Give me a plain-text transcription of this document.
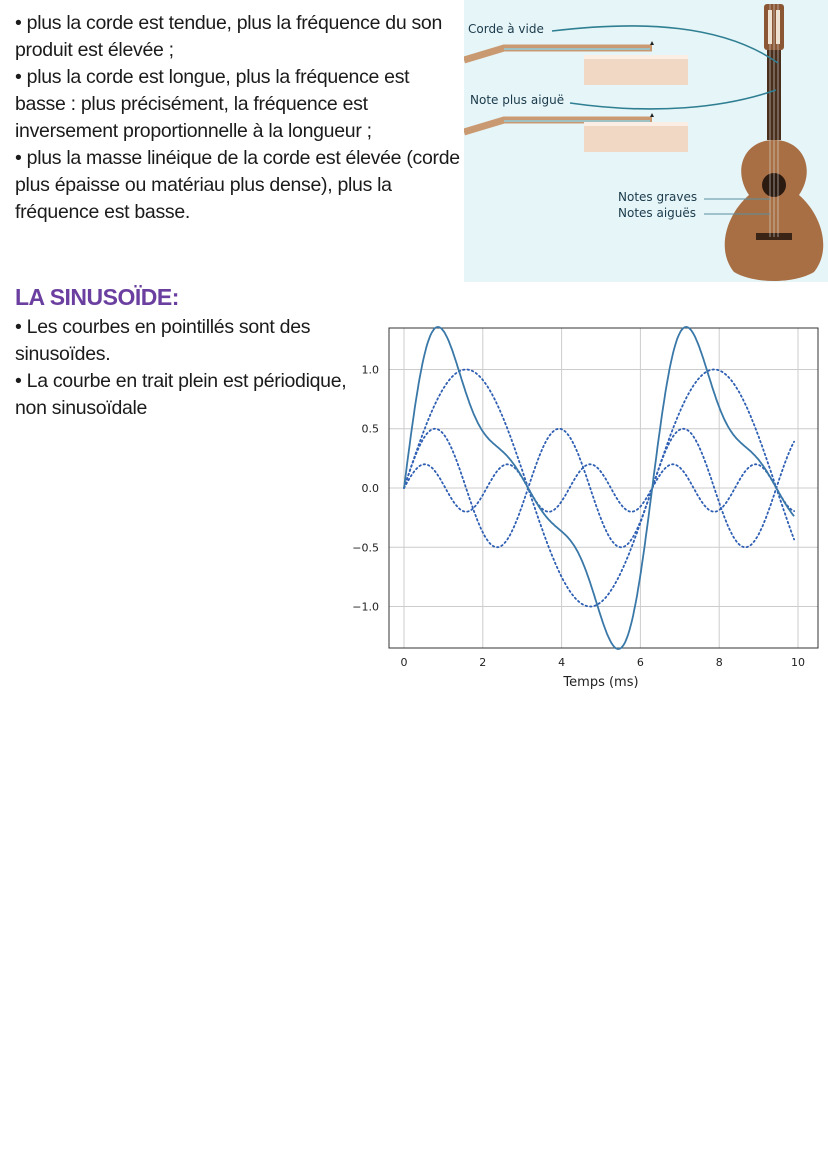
• plus la corde est tendue, plus la fréquence du son produit est élevée ;

• plus la corde est longue, plus la fréquence est basse : plus précisément, la fréquence est inversement proportionnelle à la longueur ;

• plus la masse linéique de la corde est élevée (corde plus épaisse ou matériau plus dense), plus la fréquence est basse.

Corde à vide
Note plus aiguë
Notes graves
Notes aiguës
LA SINUSOÏDE:

• Les courbes en pointillés sont des sinusoïdes.

• La courbe en trait plein est périodique, non sinusoïdale

0	2	4	6	8	10
1.0
0.5
0.0
−0.5
−1.0
Temps (ms)
